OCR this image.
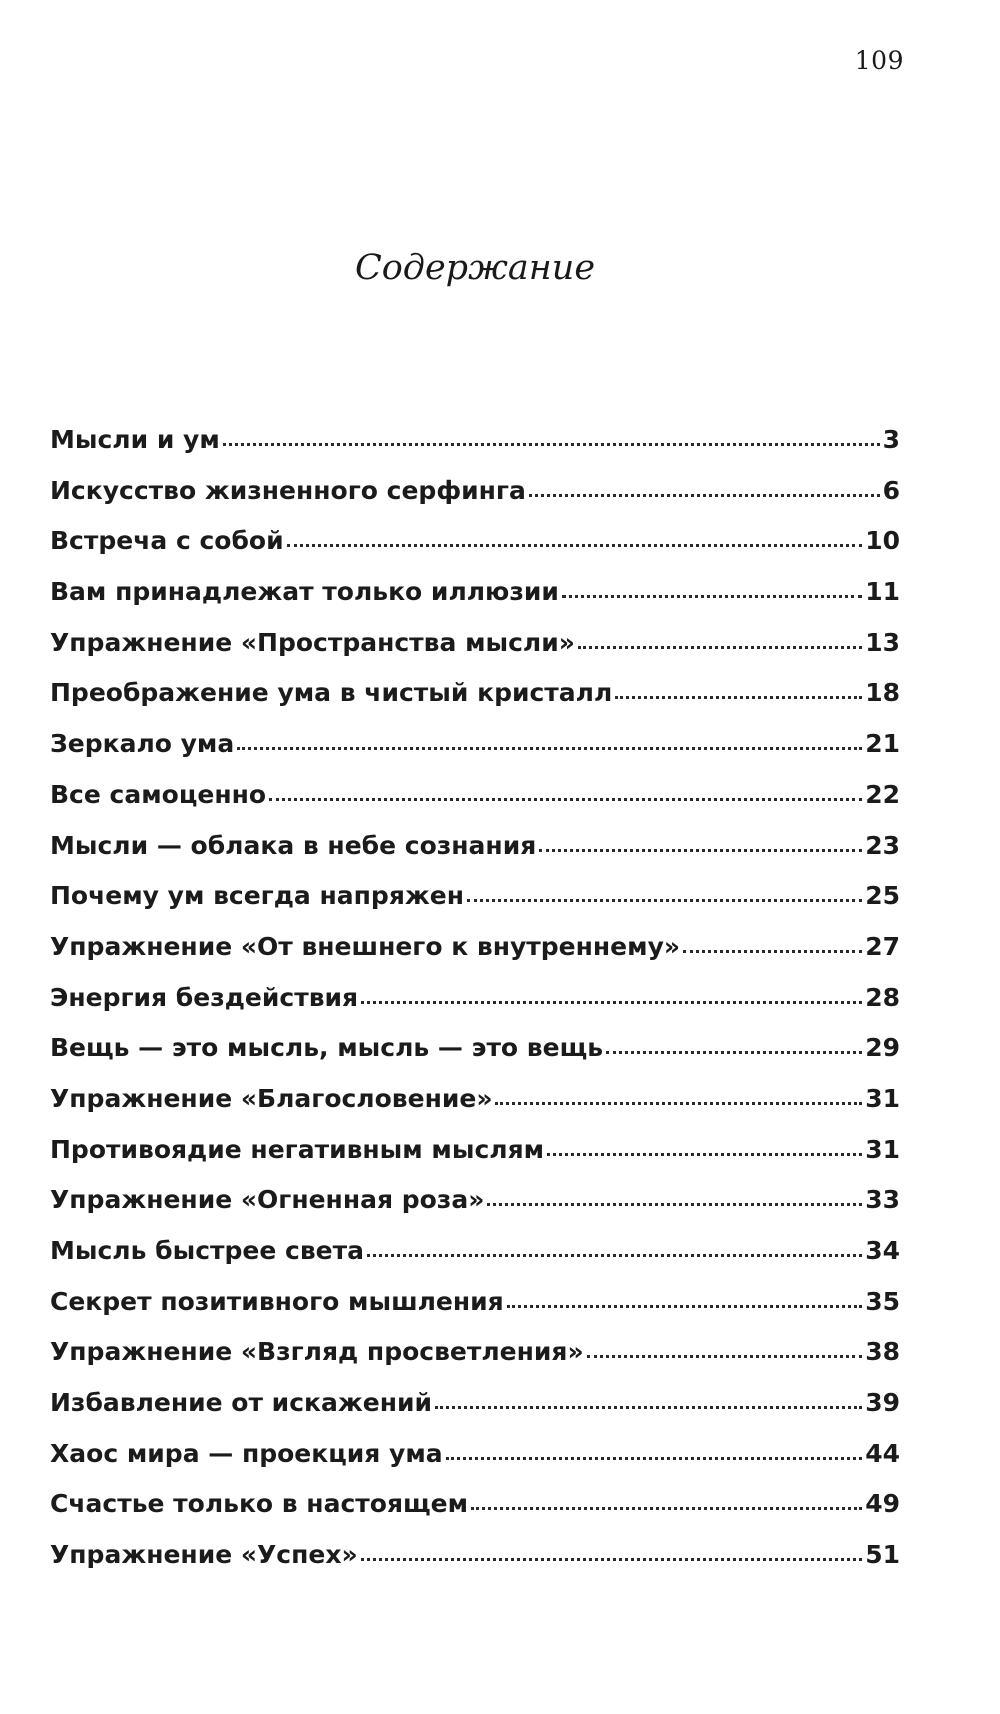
109
Содержание
Мысли и ум	3
Искусство жизненного серфинга	6
Встреча с собой	10
Вам принадлежат только иллюзии	11
Упражнение «Пространства мысли»	13
Преображение ума в чистый кристалл	18
Зеркало ума	21
Все самоценно	22
Мысли — облака в небе сознания	23
Почему ум всегда напряжен	25
Упражнение «От внешнего к внутреннему»	27
Энергия бездействия	28
Вещь — это мысль, мысль — это вещь	29
Упражнение «Благословение»	31
Противоядие негативным мыслям	31
Упражнение «Огненная роза»	33
Мысль быстрее света	34
Секрет позитивного мышления	35
Упражнение «Взгляд просветления»	38
Избавление от искажений	39
Хаос мира — проекция ума	44
Счастье только в настоящем	49
Упражнение «Успех»	51
